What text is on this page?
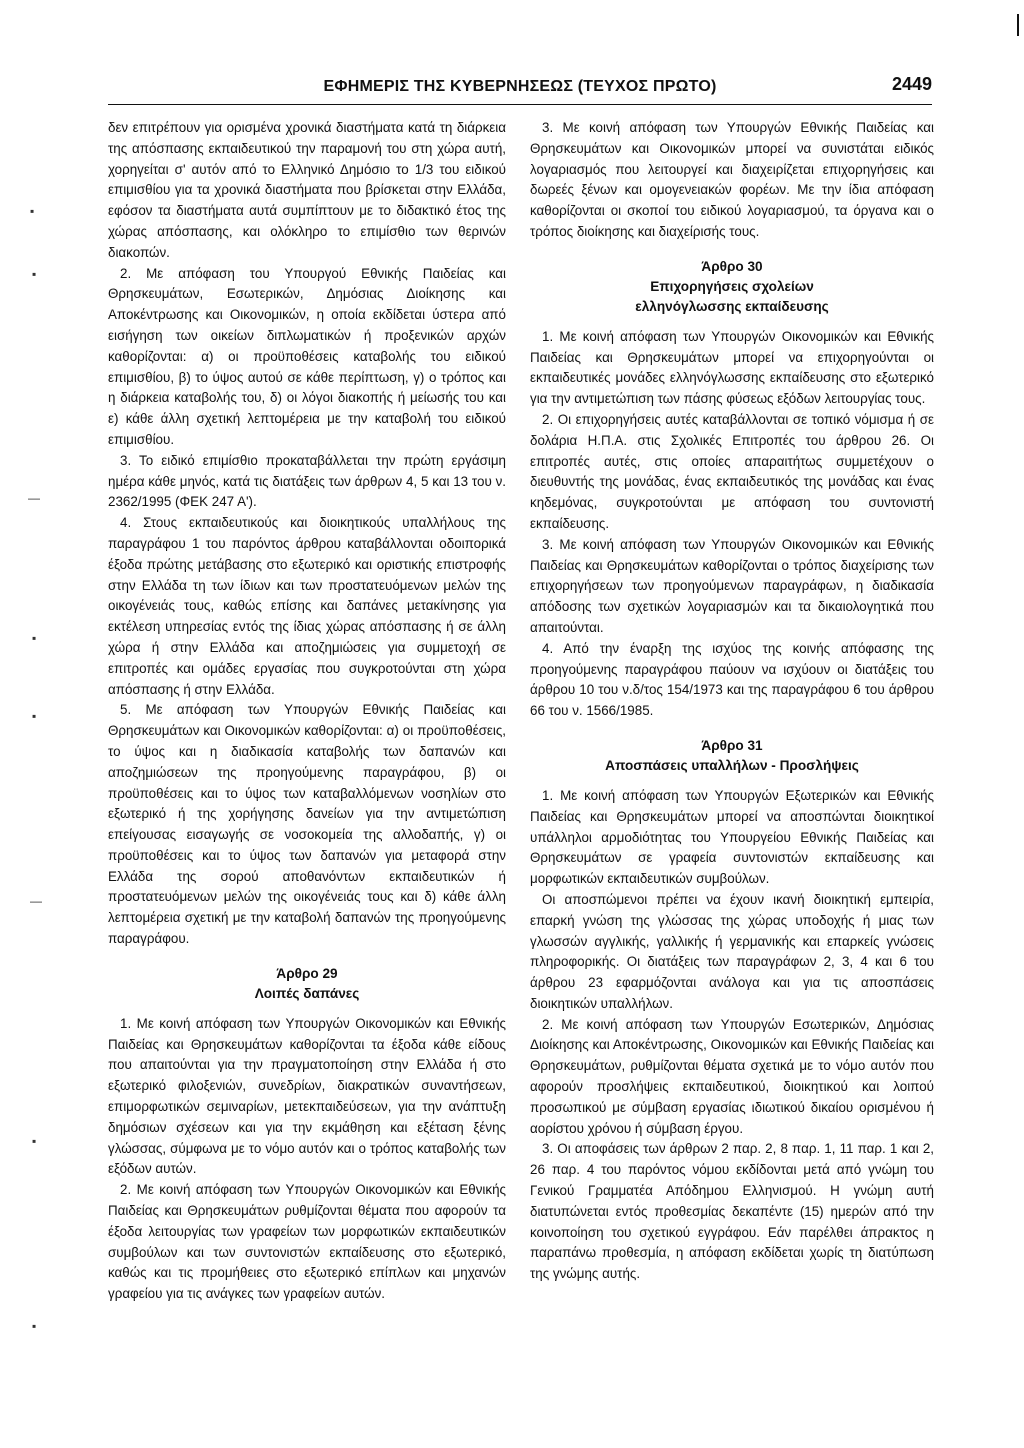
ΕΦΗΜΕΡΙΣ ΤΗΣ ΚΥΒΕΡΝΗΣΕΩΣ (ΤΕΥΧΟΣ ΠΡΩΤΟ)	2449

δεν επιτρέπουν για ορισμένα χρονικά διαστήματα κατά τη διάρκεια της απόσπασης εκπαιδευτικού την παραμονή του στη χώρα αυτή, χορηγείται σ' αυτόν από το Ελληνικό Δημόσιο το 1/3 του ειδικού επιμισθίου για τα χρονικά διαστήματα που βρίσκεται στην Ελλάδα, εφόσον τα διαστήματα αυτά συμπίπτουν με το διδακτικό έτος της χώρας απόσπασης, και ολόκληρο το επιμίσθιο των θερινών διακοπών.

2. Με απόφαση του Υπουργού Εθνικής Παιδείας και Θρησκευμάτων, Εσωτερικών, Δημόσιας Διοίκησης και Αποκέντρωσης και Οικονομικών, η οποία εκδίδεται ύστερα από εισήγηση των οικείων διπλωματικών ή προξενικών αρχών καθορίζονται: α) οι προϋποθέσεις καταβολής του ειδικού επιμισθίου, β) το ύψος αυτού σε κάθε περίπτωση, γ) ο τρόπος και η διάρκεια καταβολής του, δ) οι λόγοι διακοπής ή μείωσής του και ε) κάθε άλλη σχετική λεπτομέρεια με την καταβολή του ειδικού επιμισθίου.

3. Το ειδικό επιμίσθιο προκαταβάλλεται την πρώτη εργάσιμη ημέρα κάθε μηνός, κατά τις διατάξεις των άρθρων 4, 5 και 13 του ν. 2362/1995 (ΦΕΚ 247 Α').

4. Στους εκπαιδευτικούς και διοικητικούς υπαλλήλους της παραγράφου 1 του παρόντος άρθρου καταβάλλονται οδοιπορικά έξοδα πρώτης μετάβασης στο εξωτερικό και οριστικής επιστροφής στην Ελλάδα τη των ίδιων και των προστατευόμενων μελών της οικογένειάς τους, καθώς επίσης και δαπάνες μετακίνησης για εκτέλεση υπηρεσίας εντός της ίδιας χώρας απόσπασης ή σε άλλη χώρα ή στην Ελλάδα και αποζημιώσεις για συμμετοχή σε επιτροπές και ομάδες εργασίας που συγκροτούνται στη χώρα απόσπασης ή στην Ελλάδα.

5. Με απόφαση των Υπουργών Εθνικής Παιδείας και Θρησκευμάτων και Οικονομικών καθορίζονται: α) οι προϋποθέσεις, το ύψος και η διαδικασία καταβολής των δαπανών και αποζημιώσεων της προηγούμενης παραγράφου, β) οι προϋποθέσεις και το ύψος των καταβαλλόμενων νοσηλίων στο εξωτερικό ή της χορήγησης δανείων για την αντιμετώπιση επείγουσας εισαγωγής σε νοσοκομεία της αλλοδαπής, γ) οι προϋποθέσεις και το ύψος των δαπανών για μεταφορά στην Ελλάδα της σορού αποθανόντων εκπαιδευτικών ή προστατευόμενων μελών της οικογένειάς τους και δ) κάθε άλλη λεπτομέρεια σχετική με την καταβολή δαπανών της προηγούμενης παραγράφου.

Άρθρο 29
Λοιπές δαπάνες

1. Με κοινή απόφαση των Υπουργών Οικονομικών και Εθνικής Παιδείας και Θρησκευμάτων καθορίζονται τα έξοδα κάθε είδους που απαιτούνται για την πραγματοποίηση στην Ελλάδα ή στο εξωτερικό φιλοξενιών, συνεδρίων, διακρατικών συναντήσεων, επιμορφωτικών σεμιναρίων, μετεκπαιδεύσεων, για την ανάπτυξη δημόσιων σχέσεων και για την εκμάθηση και εξέταση ξένης γλώσσας, σύμφωνα με το νόμο αυτόν και ο τρόπος καταβολής των εξόδων αυτών.

2. Με κοινή απόφαση των Υπουργών Οικονομικών και Εθνικής Παιδείας και Θρησκευμάτων ρυθμίζονται θέματα που αφορούν τα έξοδα λειτουργίας των γραφείων των μορφωτικών εκπαιδευτικών συμβούλων και των συντονιστών εκπαίδευσης στο εξωτερικό, καθώς και τις προμήθειες στο εξωτερικό επίπλων και μηχανών γραφείου για τις ανάγκες των γραφείων αυτών.

3. Με κοινή απόφαση των Υπουργών Εθνικής Παιδείας και Θρησκευμάτων και Οικονομικών μπορεί να συνιστάται ειδικός λογαριασμός που λειτουργεί και διαχειρίζεται επιχορηγήσεις και δωρεές ξένων και ομογενειακών φορέων. Με την ίδια απόφαση καθορίζονται οι σκοποί του ειδικού λογαριασμού, τα όργανα και ο τρόπος διοίκησης και διαχείρισής τους.

Άρθρο 30
Επιχορηγήσεις σχολείων ελληνόγλωσσης εκπαίδευσης

1. Με κοινή απόφαση των Υπουργών Οικονομικών και Εθνικής Παιδείας και Θρησκευμάτων μπορεί να επιχορηγούνται οι εκπαιδευτικές μονάδες ελληνόγλωσσης εκπαίδευσης στο εξωτερικό για την αντιμετώπιση των πάσης φύσεως εξόδων λειτουργίας τους.

2. Οι επιχορηγήσεις αυτές καταβάλλονται σε τοπικό νόμισμα ή σε δολάρια Η.Π.Α. στις Σχολικές Επιτροπές του άρθρου 26. Οι επιτροπές αυτές, στις οποίες απαραιτήτως συμμετέχουν ο διευθυντής της μονάδας, ένας εκπαιδευτικός της μονάδας και ένας κηδεμόνας, συγκροτούνται με απόφαση του συντονιστή εκπαίδευσης.

3. Με κοινή απόφαση των Υπουργών Οικονομικών και Εθνικής Παιδείας και Θρησκευμάτων καθορίζονται ο τρόπος διαχείρισης των επιχορηγήσεων των προηγούμενων παραγράφων, η διαδικασία απόδοσης των σχετικών λογαριασμών και τα δικαιολογητικά που απαιτούνται.

4. Από την έναρξη της ισχύος της κοινής απόφασης της προηγούμενης παραγράφου παύουν να ισχύουν οι διατάξεις του άρθρου 10 του ν.δ/τος 154/1973 και της παραγράφου 6 του άρθρου 66 του ν. 1566/1985.

Άρθρο 31
Αποσπάσεις υπαλλήλων - Προσλήψεις

1. Με κοινή απόφαση των Υπουργών Εξωτερικών και Εθνικής Παιδείας και Θρησκευμάτων μπορεί να αποσπώνται διοικητικοί υπάλληλοι αρμοδιότητας του Υπουργείου Εθνικής Παιδείας και Θρησκευμάτων σε γραφεία συντονιστών εκπαίδευσης και μορφωτικών εκπαιδευτικών συμβούλων.

Οι αποσπώμενοι πρέπει να έχουν ικανή διοικητική εμπειρία, επαρκή γνώση της γλώσσας της χώρας υποδοχής ή μιας των γλωσσών αγγλικής, γαλλικής ή γερμανικής και επαρκείς γνώσεις πληροφορικής. Οι διατάξεις των παραγράφων 2, 3, 4 και 6 του άρθρου 23 εφαρμόζονται ανάλογα και για τις αποσπάσεις διοικητικών υπαλλήλων.

2. Με κοινή απόφαση των Υπουργών Εσωτερικών, Δημόσιας Διοίκησης και Αποκέντρωσης, Οικονομικών και Εθνικής Παιδείας και Θρησκευμάτων, ρυθμίζονται θέματα σχετικά με το νόμο αυτόν που αφορούν προσλήψεις εκπαιδευτικού, διοικητικού και λοιπού προσωπικού με σύμβαση εργασίας ιδιωτικού δικαίου ορισμένου ή αορίστου χρόνου ή σύμβαση έργου.

3. Οι αποφάσεις των άρθρων 2 παρ. 2, 8 παρ. 1, 11 παρ. 1 και 2, 26 παρ. 4 του παρόντος νόμου εκδίδονται μετά από γνώμη του Γενικού Γραμματέα Απόδημου Ελληνισμού. Η γνώμη αυτή διατυπώνεται εντός προθεσμίας δεκαπέντε (15) ημερών από την κοινοποίηση του σχετικού εγγράφου. Εάν παρέλθει άπρακτος η παραπάνω προθεσμία, η απόφαση εκδίδεται χωρίς τη διατύπωση της γνώμης αυτής.

▪
▪
—
▪
▪
—
▪
▪
